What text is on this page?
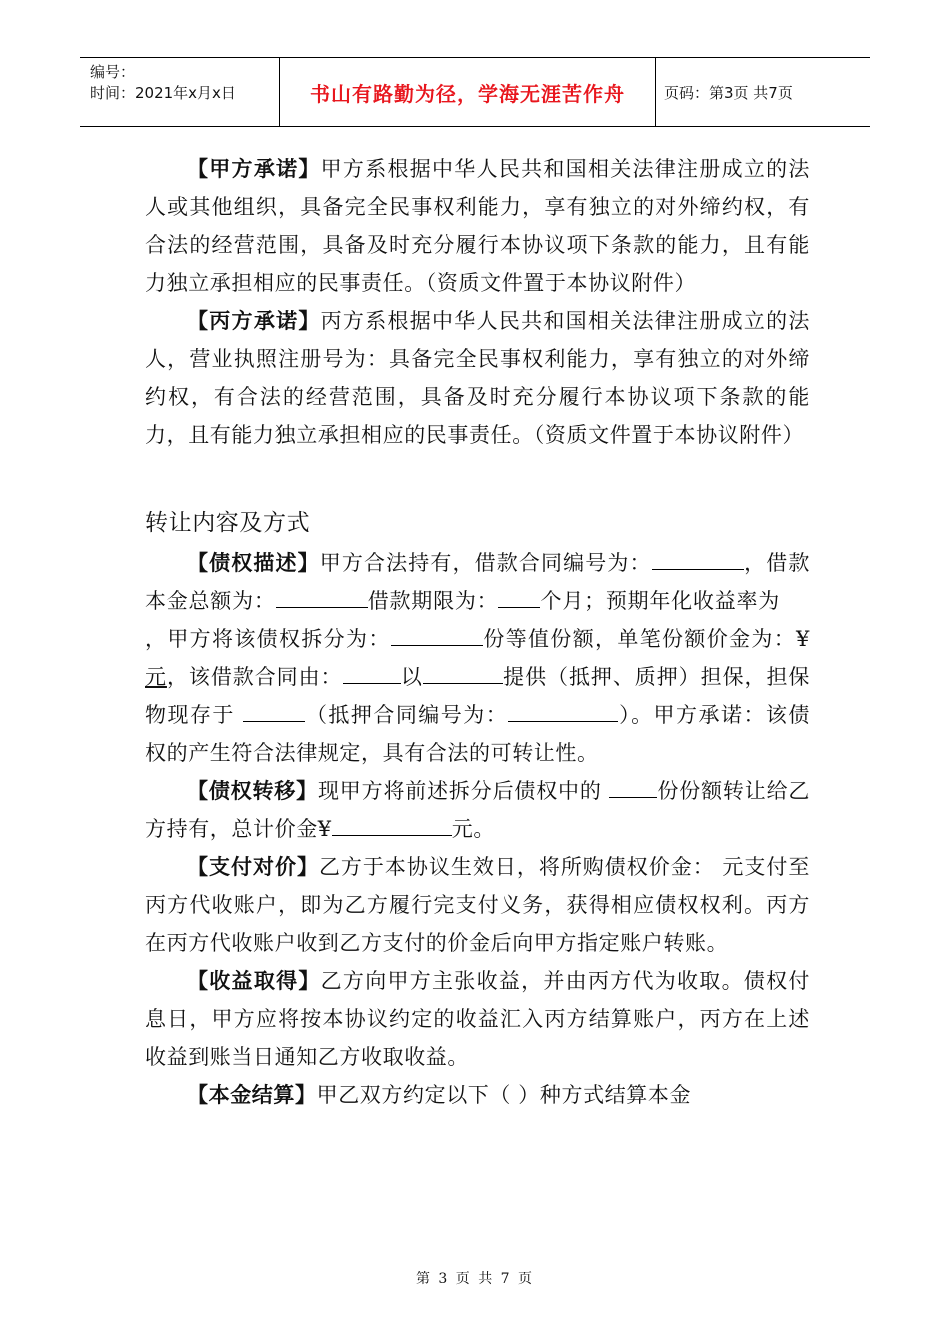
编号：
时间：2021年x月x日	书山有路勤为径，学海无涯苦作舟	页码：第3页 共7页

【甲方承诺】甲方系根据中华人民共和国相关法律注册成立的法人或其他组织，具备完全民事权利能力，享有独立的对外缔约权，有合法的经营范围，具备及时充分履行本协议项下条款的能力，且有能力独立承担相应的民事责任。（资质文件置于本协议附件）

【丙方承诺】丙方系根据中华人民共和国相关法律注册成立的法人，营业执照注册号为：具备完全民事权利能力，享有独立的对外缔约权，有合法的经营范围，具备及时充分履行本协议项下条款的能力，且有能力独立承担相应的民事责任。（资质文件置于本协议附件）

转让内容及方式

【债权描述】甲方合法持有，借款合同编号为：	，借款本金总额为：	借款期限为： 个月；预期年化收益率为，甲方将该债权拆分为：	份等值份额，单笔份额价金为：¥ 元，该借款合同由：	以	提供（抵押、质押）担保，担保物现存于	（抵押合同编号为：	）。甲方承诺：该债权的产生符合法律规定，具有合法的可转让性。

【债权转移】现甲方将前述拆分后债权中的	份份额转让给乙方持有，总计价金¥	元。

【支付对价】乙方于本协议生效日，将所购债权价金： 元支付至丙方代收账户，即为乙方履行完支付义务，获得相应债权权利。丙方在丙方代收账户收到乙方支付的价金后向甲方指定账户转账。

【收益取得】乙方向甲方主张收益，并由丙方代为收取。债权付息日，甲方应将按本协议约定的收益汇入丙方结算账户，丙方在上述收益到账当日通知乙方收取收益。

【本金结算】甲乙双方约定以下（ ）种方式结算本金

第 3 页 共 7 页
